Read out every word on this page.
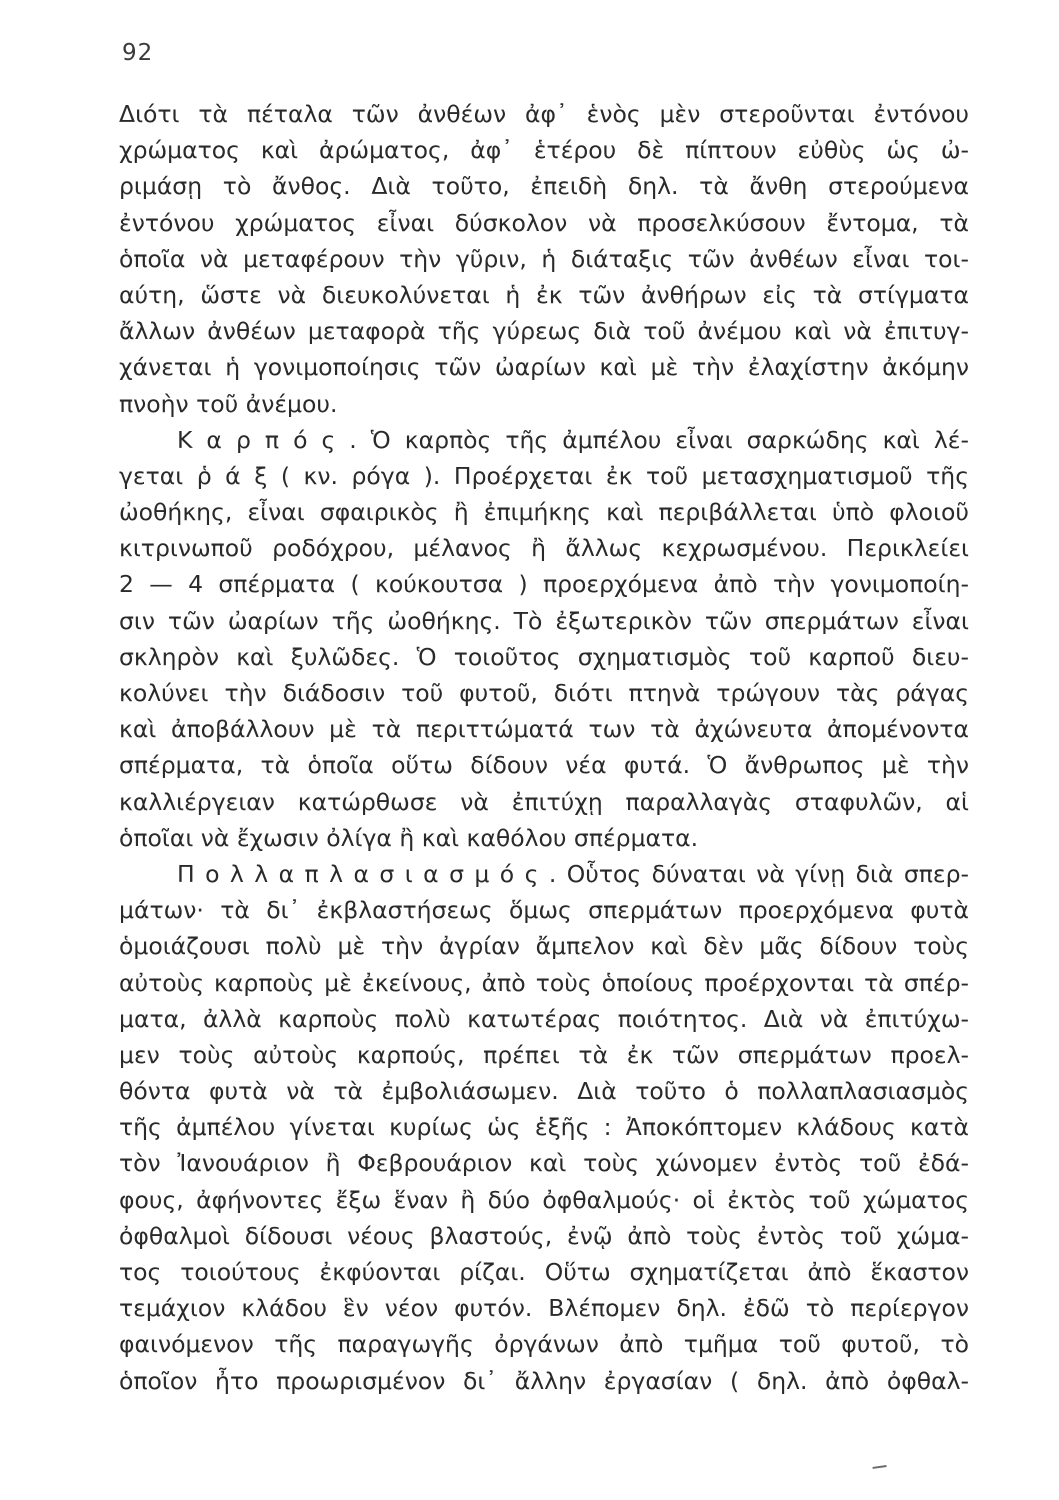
92
Διότι τὰ πέταλα τῶν ἀνθέων ἀφ᾽ ἑνὸς μὲν στεροῦνται ἐντόνου
χρώματος καὶ ἀρώματος, ἀφ᾽ ἑτέρου δὲ πίπτουν εὐθὺς ὡς ὠ-
ριμάσῃ τὸ ἄνθος. Διὰ τοῦτο, ἐπειδὴ δηλ. τὰ ἄνθη στερούμενα
ἐντόνου χρώματος εἶναι δύσκολον νὰ προσελκύσουν ἔντομα, τὰ
ὁποῖα νὰ μεταφέρουν τὴν γῦριν, ἡ διάταξις τῶν ἀνθέων εἶναι τοι-
αύτη, ὥστε νὰ διευκολύνεται ἡ ἐκ τῶν ἀνθήρων εἰς τὰ στίγματα
ἄλλων ἀνθέων μεταφορὰ τῆς γύρεως διὰ τοῦ ἀνέμου καὶ νὰ ἐπιτυγ-
χάνεται ἡ γονιμοποίησις τῶν ὠαρίων καὶ μὲ τὴν ἐλαχίστην ἀκόμην
πνοὴν τοῦ ἀνέμου.
Κ α ρ π ό ς . Ὁ καρπὸς τῆς ἀμπέλου εἶναι σαρκώδης καὶ λέ-
γεται ῥ ά ξ ( κν. ρόγα ). Προέρχεται ἐκ τοῦ μετασχηματισμοῦ τῆς
ὠοθήκης, εἶναι σφαιρικὸς ἢ ἐπιμήκης καὶ περιβάλλεται ὑπὸ φλοιοῦ
κιτρινωποῦ ροδόχρου, μέλανος ἢ ἄλλως κεχρωσμένου. Περικλείει
2 — 4 σπέρματα ( κούκουτσα ) προερχόμενα ἀπὸ τὴν γονιμοποίη-
σιν τῶν ὠαρίων τῆς ὠοθήκης. Τὸ ἐξωτερικὸν τῶν σπερμάτων εἶναι
σκληρὸν καὶ ξυλῶδες. Ὁ τοιοῦτος σχηματισμὸς τοῦ καρποῦ διευ-
κολύνει τὴν διάδοσιν τοῦ φυτοῦ, διότι πτηνὰ τρώγουν τὰς ράγας
καὶ ἀποβάλλουν μὲ τὰ περιττώματά των τὰ ἀχώνευτα ἀπομένοντα
σπέρματα, τὰ ὁποῖα οὕτω δίδουν νέα φυτά. Ὁ ἄνθρωπος μὲ τὴν
καλλιέργειαν κατώρθωσε νὰ ἐπιτύχῃ παραλλαγὰς σταφυλῶν, αἱ
ὁποῖαι νὰ ἔχωσιν ὀλίγα ἢ καὶ καθόλου σπέρματα.
Π ο λ λ α π λ α σ ι α σ μ ό ς . Οὗτος δύναται νὰ γίνῃ διὰ σπερ-
μάτων· τὰ δι᾽ ἐκβλαστήσεως ὅμως σπερμάτων προερχόμενα φυτὰ
ὁμοιάζουσι πολὺ μὲ τὴν ἀγρίαν ἄμπελον καὶ δὲν μᾶς δίδουν τοὺς
αὐτοὺς καρποὺς μὲ ἐκείνους, ἀπὸ τοὺς ὁποίους προέρχονται τὰ σπέρ-
ματα, ἀλλὰ καρποὺς πολὺ κατωτέρας ποιότητος. Διὰ νὰ ἐπιτύχω-
μεν τοὺς αὐτοὺς καρπούς, πρέπει τὰ ἐκ τῶν σπερμάτων προελ-
θόντα φυτὰ νὰ τὰ ἐμβολιάσωμεν. Διὰ τοῦτο ὁ πολλαπλασιασμὸς
τῆς ἀμπέλου γίνεται κυρίως ὡς ἑξῆς : Ἀποκόπτομεν κλάδους κατὰ
τὸν Ἰανουάριον ἢ Φεβρουάριον καὶ τοὺς χώνομεν ἐντὸς τοῦ ἐδά-
φους, ἀφήνοντες ἔξω ἕναν ἢ δύο ὀφθαλμούς· οἱ ἐκτὸς τοῦ χώματος
ὀφθαλμοὶ δίδουσι νέους βλαστούς, ἐνῷ ἀπὸ τοὺς ἐντὸς τοῦ χώμα-
τος τοιούτους ἐκφύονται ρίζαι. Οὕτω σχηματίζεται ἀπὸ ἕκαστον
τεμάχιον κλάδου ἓν νέον φυτόν. Βλέπομεν δηλ. ἐδῶ τὸ περίεργον
φαινόμενον τῆς παραγωγῆς ὀργάνων ἀπὸ τμῆμα τοῦ φυτοῦ, τὸ
ὁποῖον ἦτο προωρισμένον δι᾽ ἄλλην ἐργασίαν ( δηλ. ἀπὸ ὀφθαλ-
